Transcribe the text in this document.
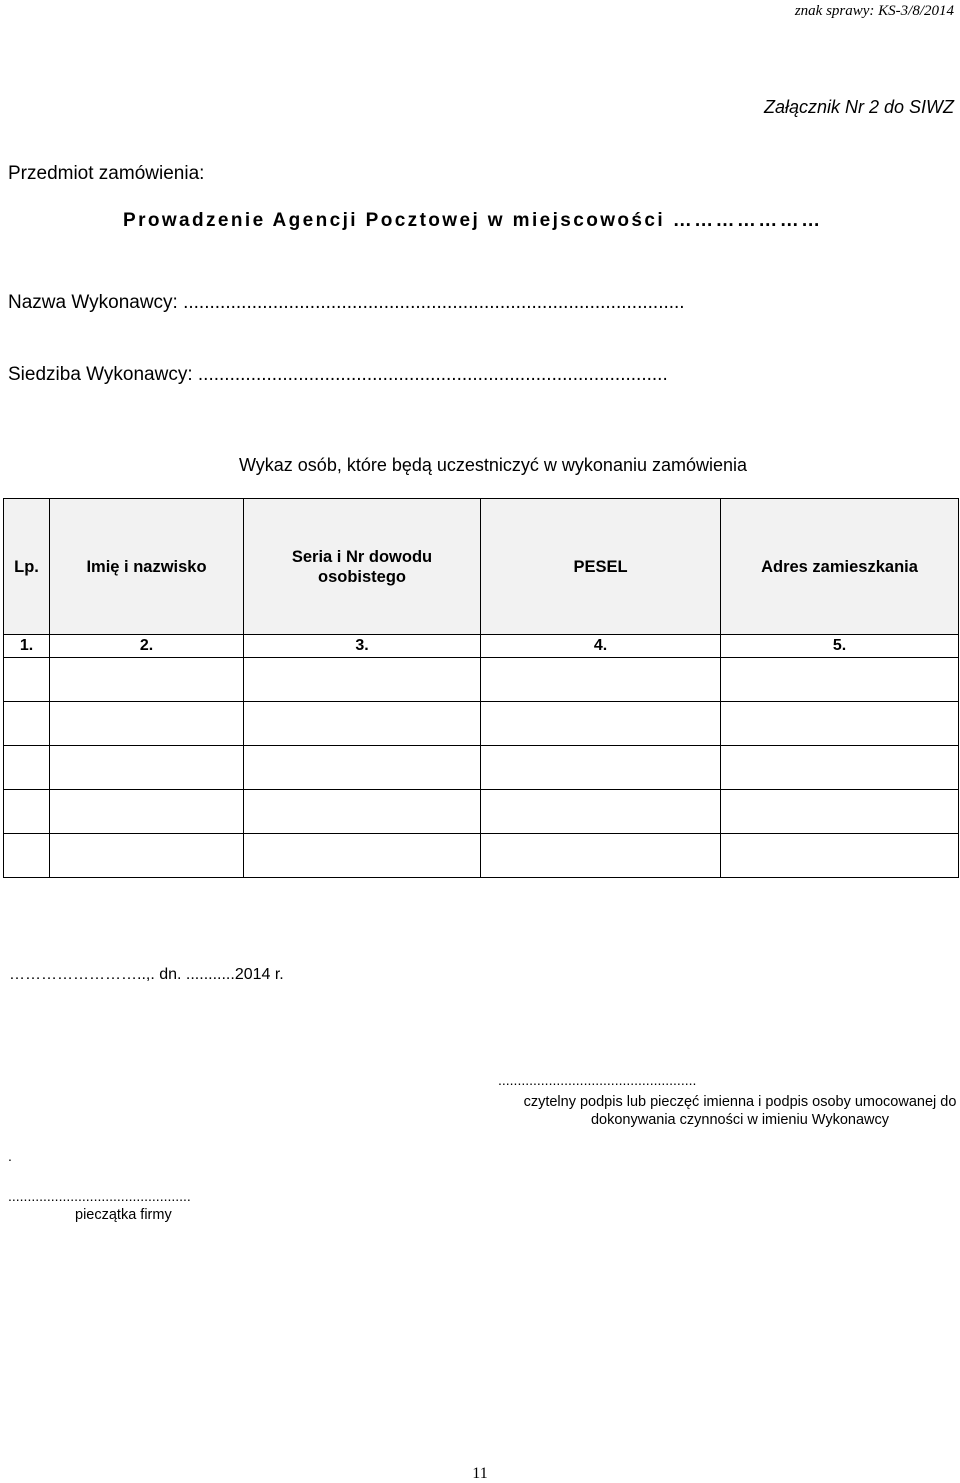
znak sprawy: KS-3/8/2014
Załącznik Nr 2 do SIWZ
Przedmiot zamówienia:
Prowadzenie Agencji Pocztowej w miejscowości …………………
Nazwa Wykonawcy: ...............................................................................................
Siedziba Wykonawcy: .........................................................................................
Wykaz osób, które będą uczestniczyć w wykonaniu zamówienia
Lp.	Imię i nazwisko	Seria i Nr dowodu osobistego	PESEL	Adres zamieszkania
1.	2.	3.	4.	5.

……………………..,. dn. ...........2014 r.
...................................................
czytelny podpis lub pieczęć imienna i podpis osoby umocowanej do dokonywania czynności w imieniu Wykonawcy
.
...............................................
pieczątka firmy
11
